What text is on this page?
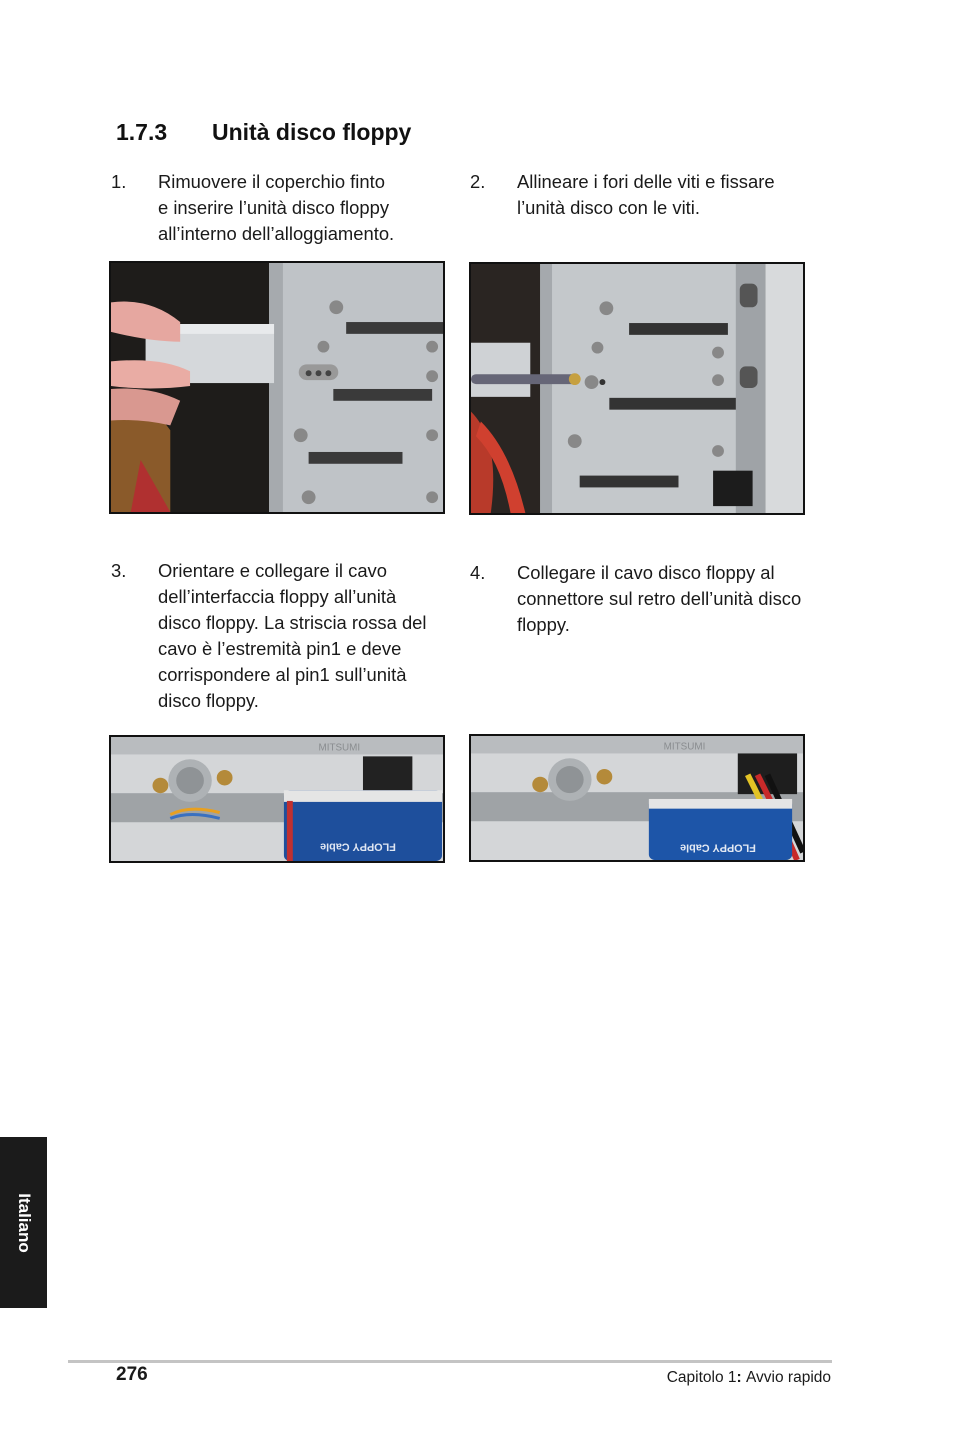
1.7.3 Unità disco floppy
1. Rimuovere il coperchio finto
e inserire l’unità disco floppy
all’interno dell’alloggiamento.
2. Allineare i fori delle viti e fissare
l’unità disco con le viti.
3. Orientare e collegare il cavo
dell’interfaccia floppy all’unità
disco floppy. La striscia rossa del
cavo è l’estremità pin1 e deve
corrispondere al pin1 sull’unità
disco floppy.
4. Collegare il cavo disco floppy al
connettore sul retro dell’unità disco
floppy.
FLOPPY Cable
MITSUMI
FLOPPY Cable
MITSUMI
Italiano
276	Capitolo 1: Avvio rapido
